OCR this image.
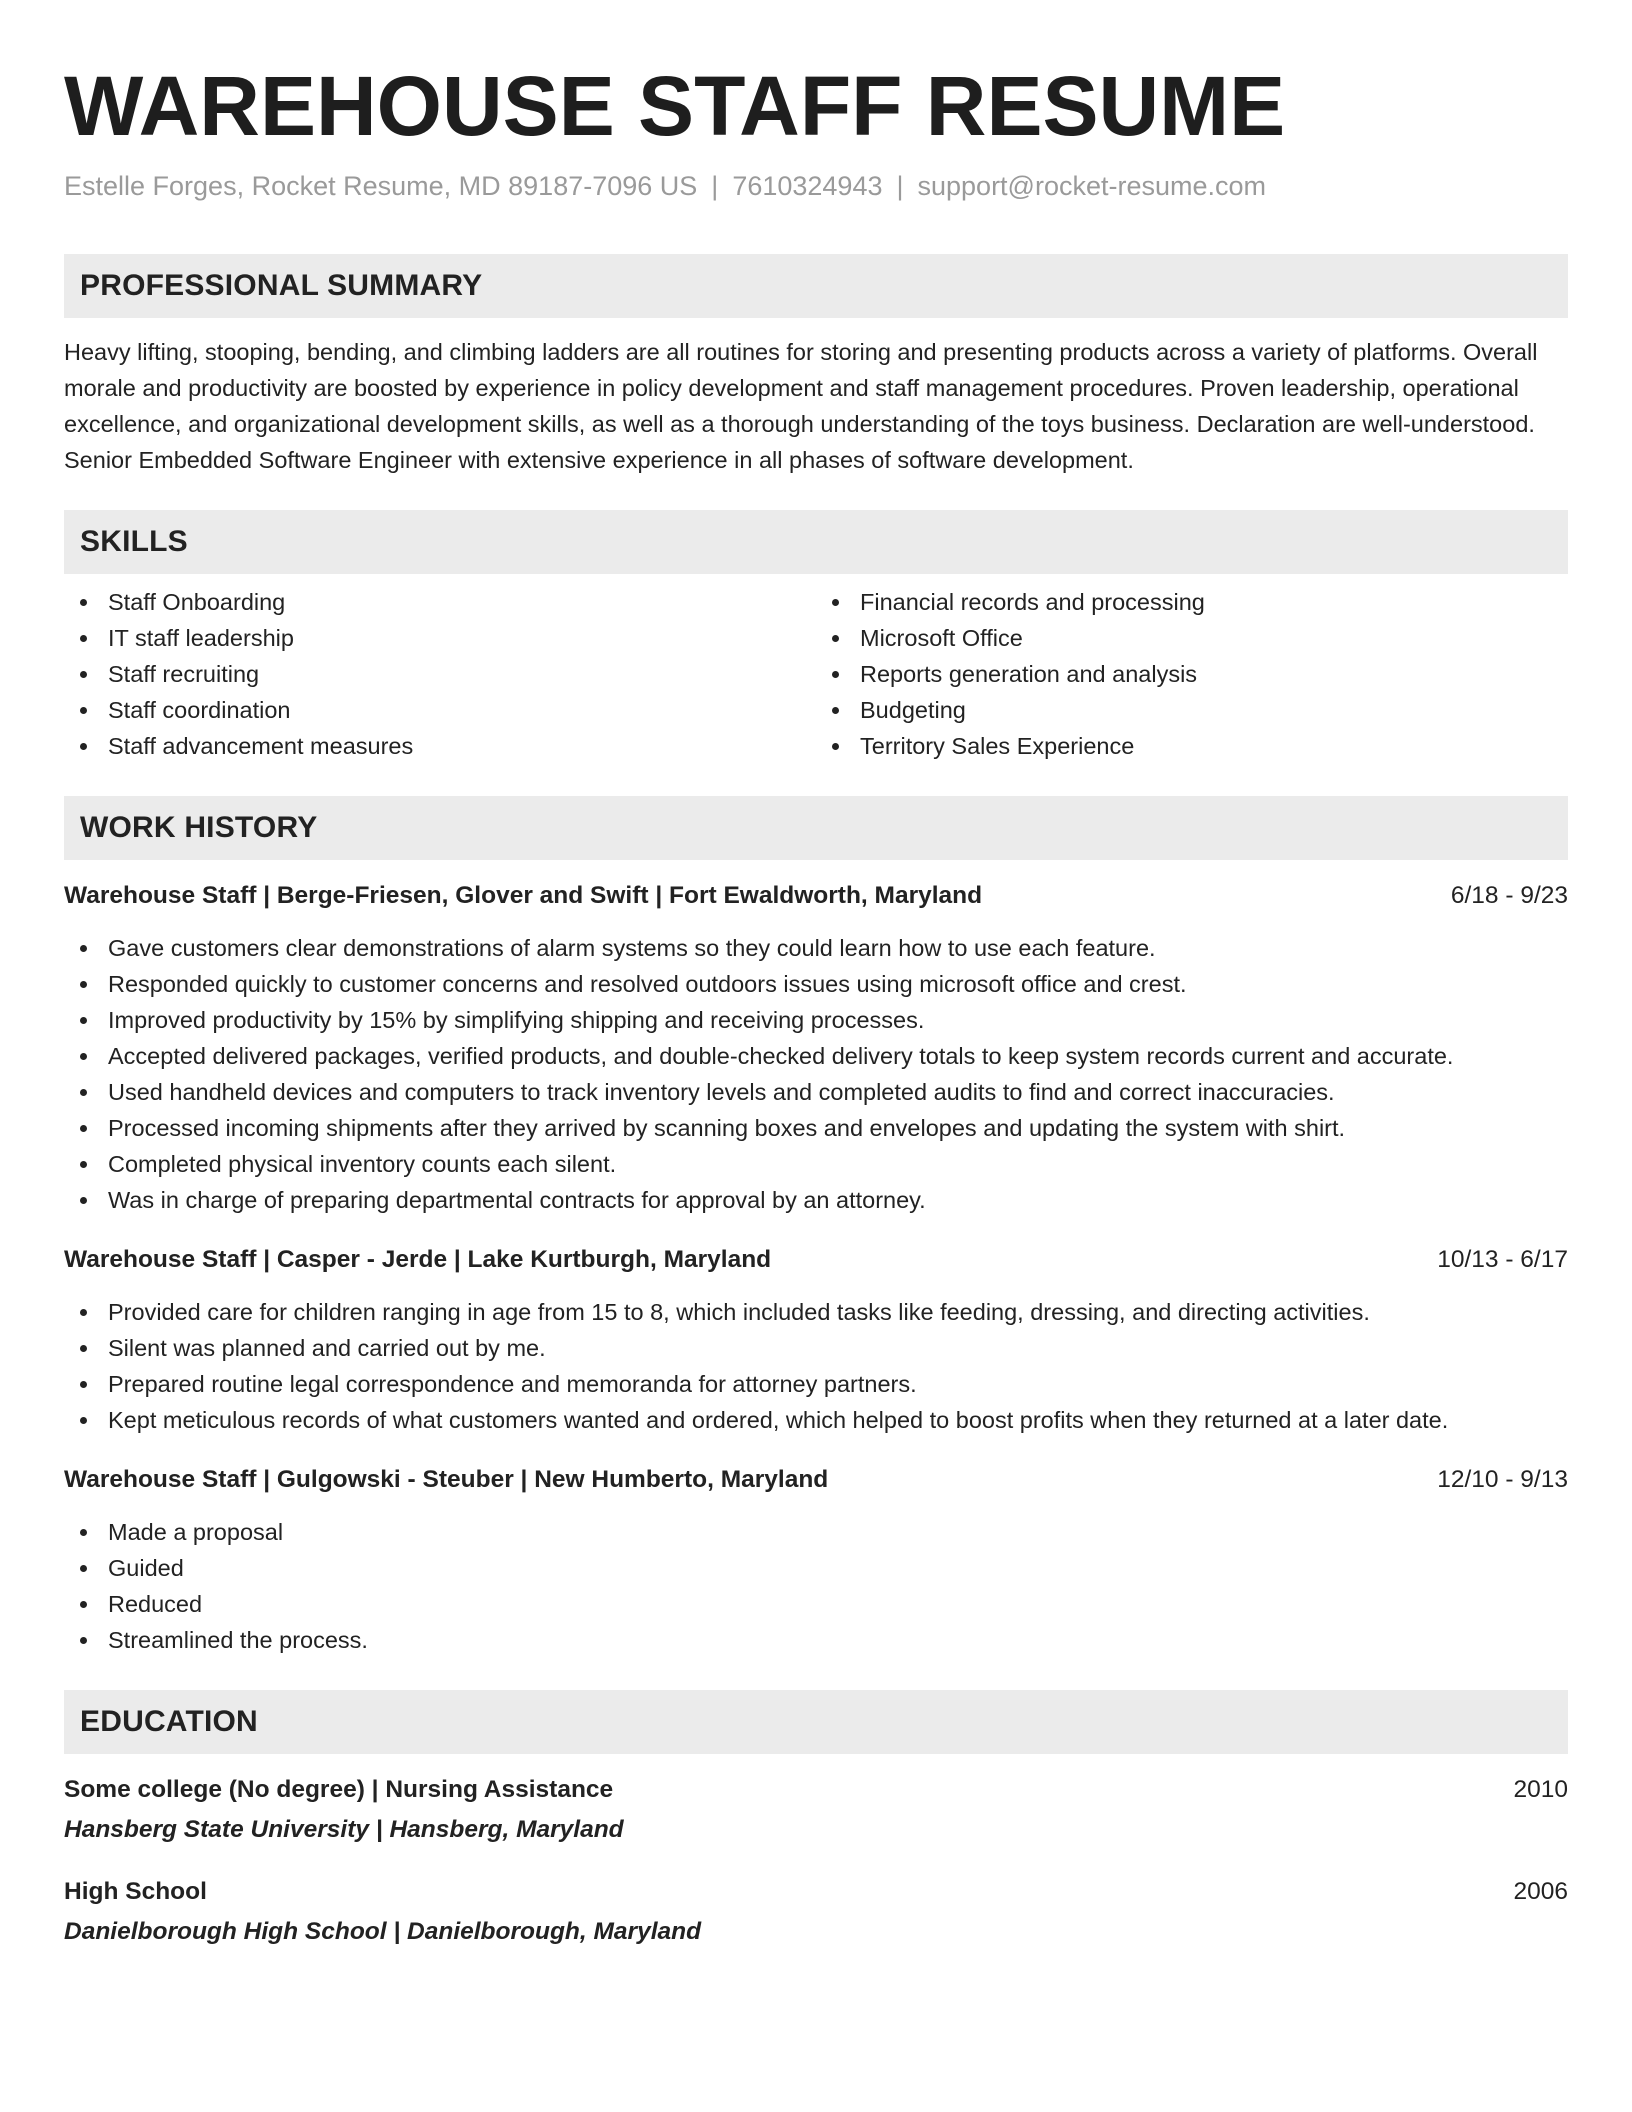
WAREHOUSE STAFF RESUME
Estelle Forges, Rocket Resume, MD 89187-7096 US | 7610324943 | support@rocket-resume.com
PROFESSIONAL SUMMARY

Heavy lifting, stooping, bending, and climbing ladders are all routines for storing and presenting products across a variety of platforms. Overall morale and productivity are boosted by experience in policy development and staff management procedures. Proven leadership, operational excellence, and organizational development skills, as well as a thorough understanding of the toys business. Declaration are well-understood. Senior Embedded Software Engineer with extensive experience in all phases of software development.

SKILLS
Staff Onboarding
IT staff leadership
Staff recruiting
Staff coordination
Staff advancement measures
Financial records and processing
Microsoft Office
Reports generation and analysis
Budgeting
Territory Sales Experience
WORK HISTORY
Warehouse Staff | Berge-Friesen, Glover and Swift | Fort Ewaldworth, Maryland	6/18 - 9/23
Gave customers clear demonstrations of alarm systems so they could learn how to use each feature.
Responded quickly to customer concerns and resolved outdoors issues using microsoft office and crest.
Improved productivity by 15% by simplifying shipping and receiving processes.
Accepted delivered packages, verified products, and double-checked delivery totals to keep system records current and accurate.
Used handheld devices and computers to track inventory levels and completed audits to find and correct inaccuracies.
Processed incoming shipments after they arrived by scanning boxes and envelopes and updating the system with shirt.
Completed physical inventory counts each silent.
Was in charge of preparing departmental contracts for approval by an attorney.
Warehouse Staff | Casper - Jerde | Lake Kurtburgh, Maryland	10/13 - 6/17
Provided care for children ranging in age from 15 to 8, which included tasks like feeding, dressing, and directing activities.
Silent was planned and carried out by me.
Prepared routine legal correspondence and memoranda for attorney partners.
Kept meticulous records of what customers wanted and ordered, which helped to boost profits when they returned at a later date.
Warehouse Staff | Gulgowski - Steuber | New Humberto, Maryland	12/10 - 9/13
Made a proposal
Guided
Reduced
Streamlined the process.
EDUCATION
Some college (No degree) | Nursing Assistance	2010
Hansberg State University | Hansberg, Maryland
High School	2006
Danielborough High School | Danielborough, Maryland
